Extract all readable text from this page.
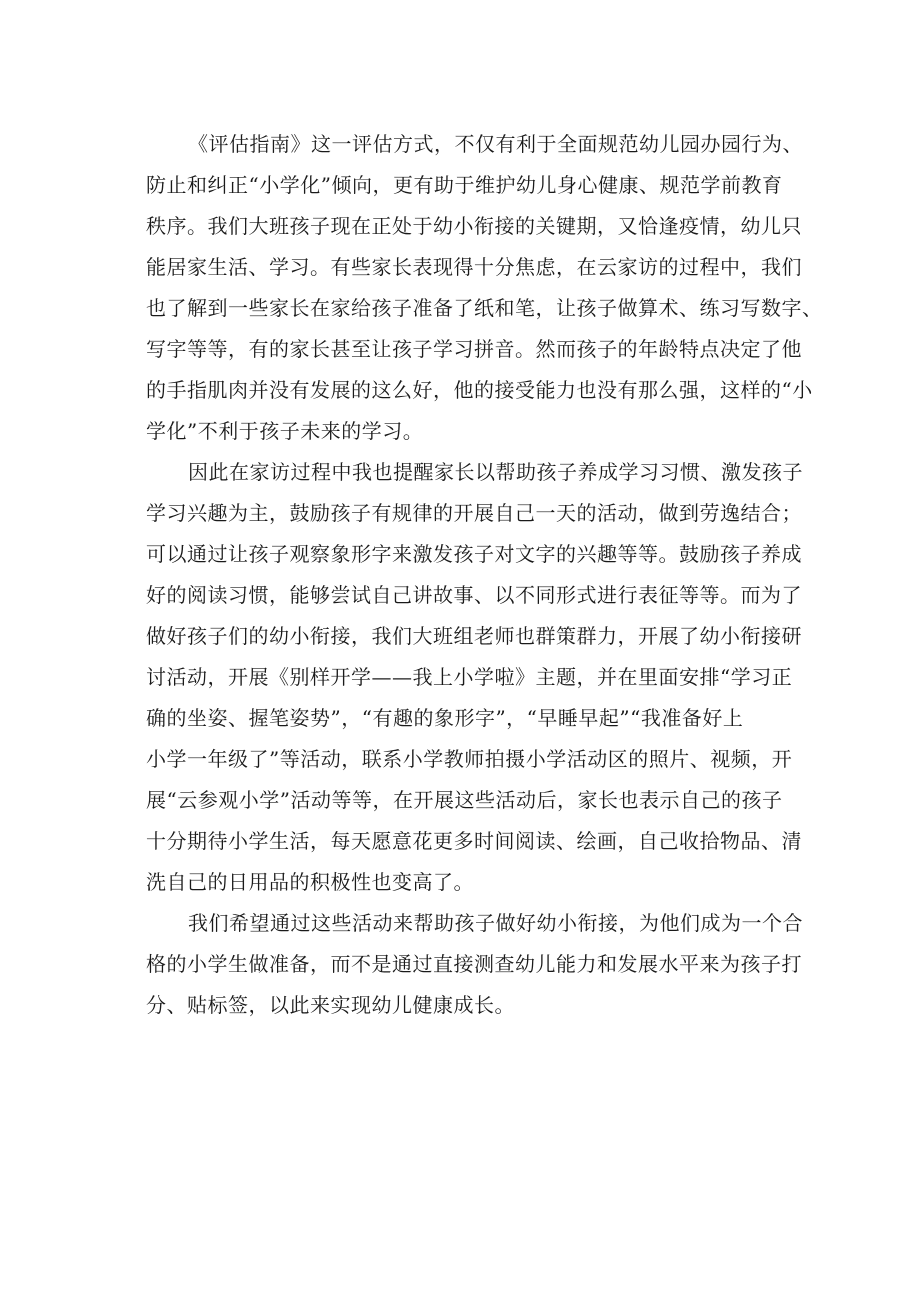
《评估指南》这一评估方式，不仅有利于全面规范幼儿园办园行为、
防止和纠正“小学化”倾向，更有助于维护幼儿身心健康、规范学前教育
秩序。我们大班孩子现在正处于幼小衔接的关键期，又恰逢疫情，幼儿只
能居家生活、学习。有些家长表现得十分焦虑，在云家访的过程中，我们
也了解到一些家长在家给孩子准备了纸和笔，让孩子做算术、练习写数字、
写字等等，有的家长甚至让孩子学习拼音。然而孩子的年龄特点决定了他
的手指肌肉并没有发展的这么好，他的接受能力也没有那么强，这样的“小
学化”不利于孩子未来的学习。

因此在家访过程中我也提醒家长以帮助孩子养成学习习惯、激发孩子
学习兴趣为主，鼓励孩子有规律的开展自己一天的活动，做到劳逸结合；
可以通过让孩子观察象形字来激发孩子对文字的兴趣等等。鼓励孩子养成
好的阅读习惯，能够尝试自己讲故事、以不同形式进行表征等等。而为了
做好孩子们的幼小衔接，我们大班组老师也群策群力，开展了幼小衔接研
讨活动，开展《别样开学——我上小学啦》主题，并在里面安排“学习正
确的坐姿、握笔姿势”，“有趣的象形字”，“早睡早起”“我准备好上
小学一年级了”等活动，联系小学教师拍摄小学活动区的照片、视频，开
展“云参观小学”活动等等，在开展这些活动后，家长也表示自己的孩子
十分期待小学生活，每天愿意花更多时间阅读、绘画，自己收拾物品、清
洗自己的日用品的积极性也变高了。

我们希望通过这些活动来帮助孩子做好幼小衔接，为他们成为一个合
格的小学生做准备，而不是通过直接测查幼儿能力和发展水平来为孩子打
分、贴标签，以此来实现幼儿健康成长。
